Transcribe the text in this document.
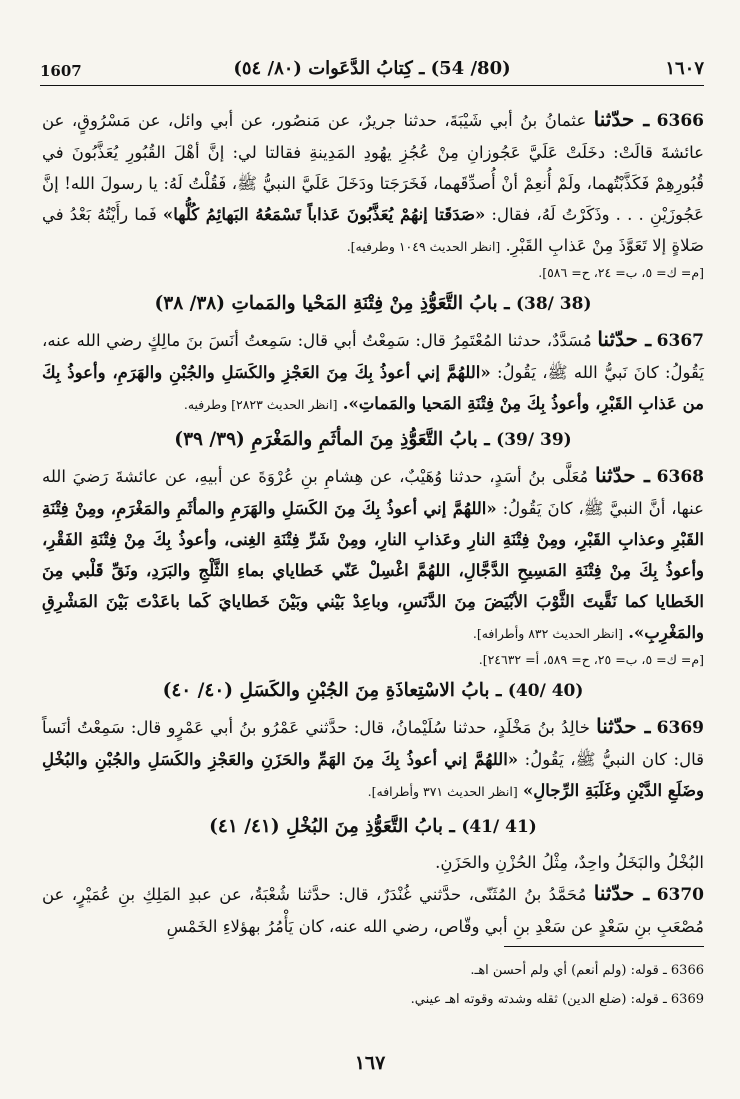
1607	(80/ 54) ـ كِتابُ الدَّعَوات (٨٠/ ٥٤)	١٦٠٧

6366 ـ حدّثنا عثمانُ بنُ أبي شَيْبَةَ، حدثنا جريرٌ، عن مَنصُور، عن أبي وائل، عن مَسْرُوقٍ، عن عائشةَ قالَتْ: دخَلَتْ عَلَيَّ عَجُوزانِ مِنْ عُجُزِ يهُودِ المَدِينةِ فقالتا لي: إنَّ أهْلَ القُبُورِ يُعَذَّبُونَ في قُبُورِهِمْ فَكَذَّبْتُهما، ولَمْ أُنعِمْ أنْ أُصدِّقَهما، فَخَرَجَتا ودَخَلَ عَلَيَّ النبيُّ ﷺ، فَقُلْتُ لَهُ: يا رسولَ الله! إنَّ عَجُوزَيْنِ . . . وذَكَرْتُ لَهُ، فقال: «صَدَقَتا إنهُمْ يُعَذَّبُونَ عَذاباً تَسْمَعُهُ البَهائِمُ كُلُّها» فَما رأَيْتُهُ بَعْدُ في صَلاةٍ إلا تَعَوَّذَ مِنْ عَذابِ القَبْرِ. [انظر الحديث ١٠٤٩ وطرفيه].
[م= ك= ٥، ب= ٢٤، ح= ٥٨٦].

(38/ 38) ـ بابُ التَّعَوُّذِ مِنْ فِتْنَةِ المَحْيا والمَماتِ (٣٨/ ٣٨)

6367 ـ حدّثنا مُسَدَّدٌ، حدثنا المُعْتَمِرُ قال: سَمِعْتُ أبي قال: سَمِعتُ أنَسَ بنَ مالِكٍ رضي الله عنه، يَقُولُ: كانَ نَبيُّ الله ﷺ، يَقُولُ: «اللهُمَّ إني أعوذُ بِكَ مِنَ العَجْزِ والكَسَلِ والجُبْنِ والهَرَمِ، وأعوذُ بِكَ من عَذابِ القَبْرِ، وأعوذُ بِكَ مِنْ فِتْنَةِ المَحيا والمَماتِ». [انظر الحديث ٢٨٢٣] وطرفيه.

(39/ 39) ـ بابُ التَّعَوُّذِ مِنَ المأثَمِ والمَغْرَمِ (٣٩/ ٣٩)

6368 ـ حدّثنا مُعَلَّى بنُ أسَدٍ، حدثنا وُهَيْبٌ، عن هِشامِ بنِ عُرْوَةَ عن أبيهِ، عن عائشةَ رَضيَ الله عنها، أنَّ النبيَّ ﷺ، كانَ يَقُولُ: «اللهُمَّ إني أعوذُ بِكَ مِنَ الكَسَلِ والهَرَمِ والمأثَمِ والمَغْرَمِ، ومِنْ فِتْنَةِ القَبْرِ وعذابِ القَبْرِ، ومِنْ فِتْنَةِ النارِ وعَذابِ النارِ، ومِنْ شَرِّ فِتْنَةِ الغِنى، وأعوذُ بِكَ مِنْ فِتْنَةِ الفَقْرِ، وأعوذُ بِكَ مِنْ فِتْنَةِ المَسِيحِ الدَّجَّالِ، اللهُمَّ اغْسِلْ عَنّي خَطاياي بماءِ الثَّلْجِ والبَرَدِ، ونَقِّ قَلْبي مِنَ الخَطايا كما نَقَّيتَ الثَّوْبَ الأبْيَضَ مِنَ الدَّنَسِ، وباعِدْ بَيْني وبَيْنَ خَطايايَ كَما باعَدْتَ بَيْنَ المَشْرِقِ والمَغْرِبِ». [انظر الحديث ٨٣٢ وأطرافه].
[م= ك= ٥، ب= ٢٥، ح= ٥٨٩، أ= ٢٤٦٣٢].

(40/ 40) ـ بابُ الاسْتِعاذَةِ مِنَ الجُبْنِ والكَسَلِ (٤٠/ ٤٠)

6369 ـ حدّثنا خالِدُ بنُ مَخْلَدٍ، حدثنا سُلَيْمانُ، قال: حدَّثني عَمْرُو بنُ أبي عَمْرٍو قال: سَمِعْتُ أنَساً قال: كان النبيُّ ﷺ، يَقُولُ: «اللهُمَّ إني أعوذُ بِكَ مِنَ الهَمِّ والحَزَنِ والعَجْزِ والكَسَلِ والجُبْنِ والبُخْلِ وضَلَعِ الدَّيْنِ وغَلَبَةِ الرِّجالِ» [انظر الحديث ٣٧١ وأطرافه].

(41/ 41) ـ بابُ التَّعَوُّذِ مِنَ البُخْلِ (٤١/ ٤١)

البُخْلُ والبَخَلُ واحِدٌ، مِثْلُ الحُزْنِ والحَزَنِ.

6370 ـ حدّثنا مُحَمَّدُ بنُ المُثَنّى، حدَّثني غُنْدَرٌ، قال: حدَّثنا شُعْبَةُ، عن عبدِ المَلِكِ بنِ عُمَيْرٍ، عن مُصْعَبِ بنِ سَعْدٍ عن سَعْدِ بنِ أبي وقّاص، رضي الله عنه، كان يَأْمُرُ بهؤلاءِ الخَمْسِ

6366 ـ قوله: (ولم أنعم) أي ولم أحسن اهـ.
6369 ـ قوله: (ضلع الدين) ثقله وشدته وقوته اهـ عيني.
١٦٧
